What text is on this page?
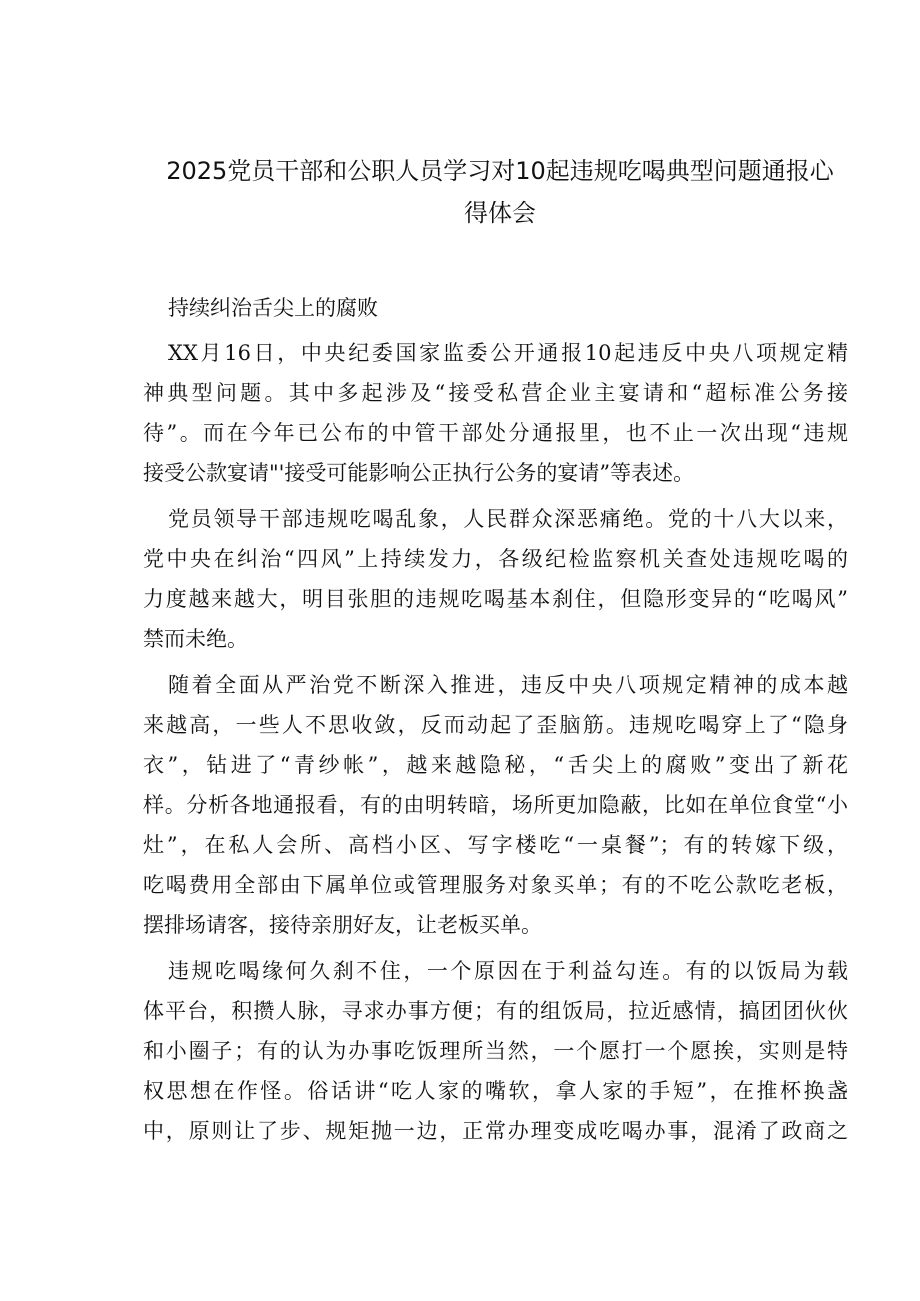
2025党员干部和公职人员学习对10起违规吃喝典型问题通报心
得体会
持续纠治舌尖上的腐败
XX月16日，中央纪委国家监委公开通报10起违反中央八项规定精
神典型问题。其中多起涉及“接受私营企业主宴请和“超标准公务接
待”。而在今年已公布的中管干部处分通报里，也不止一次出现“违规
接受公款宴请"'接受可能影响公正执行公务的宴请”等表述。
党员领导干部违规吃喝乱象，人民群众深恶痛绝。党的十八大以来，
党中央在纠治“四风”上持续发力，各级纪检监察机关查处违规吃喝的
力度越来越大，明目张胆的违规吃喝基本刹住，但隐形变异的“吃喝风”
禁而未绝。
随着全面从严治党不断深入推进，违反中央八项规定精神的成本越
来越高，一些人不思收敛，反而动起了歪脑筋。违规吃喝穿上了“隐身
衣”，钻进了“青纱帐”，越来越隐秘，“舌尖上的腐败”变出了新花
样。分析各地通报看，有的由明转暗，场所更加隐蔽，比如在单位食堂“小
灶”，在私人会所、高档小区、写字楼吃“一桌餐”；有的转嫁下级，
吃喝费用全部由下属单位或管理服务对象买单；有的不吃公款吃老板，
摆排场请客，接待亲朋好友，让老板买单。
违规吃喝缘何久刹不住，一个原因在于利益勾连。有的以饭局为载
体平台，积攒人脉，寻求办事方便；有的组饭局，拉近感情，搞团团伙伙
和小圈子；有的认为办事吃饭理所当然，一个愿打一个愿挨，实则是特
权思想在作怪。俗话讲“吃人家的嘴软，拿人家的手短”，在推杯换盏
中，原则让了步、规矩抛一边，正常办理变成吃喝办事，混淆了政商之
